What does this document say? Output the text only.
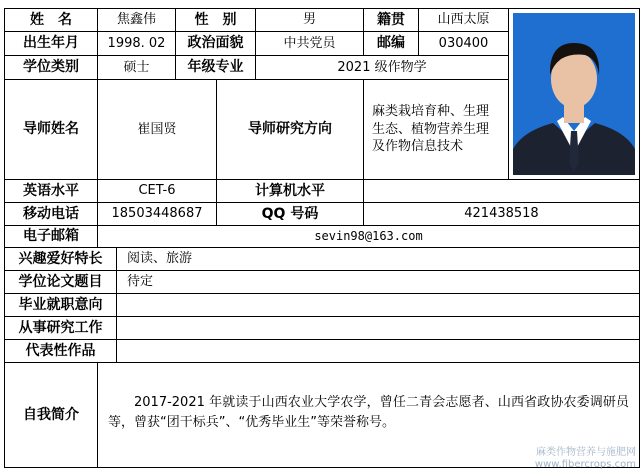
姓名	焦鑫伟	性别	男	籍贯	山西太原
出生年月	1998. 02	政治面貌	中共党员	邮编	030400
学位类别	硕士	年级专业	2021 级作物学
导师姓名	崔国贤	导师研究方向
麻类栽培育种、生理生态、植物营养生理及作物信息技术
英语水平	CET-6	计算机水平
移动电话	18503448687	QQ 号码	421438518
电子邮箱	sevin98@163.com
兴趣爱好特长	阅读、旅游
学位论文题目	待定
毕业就职意向
从事研究工作
代表性作品
自我简介
2017-2021 年就读于山西农业大学农学，曾任二青会志愿者、山西省政协农委调研员等，曾获“团干标兵”、“优秀毕业生”等荣誉称号。
麻类作物营养与施肥网
www.fibercrops.com
